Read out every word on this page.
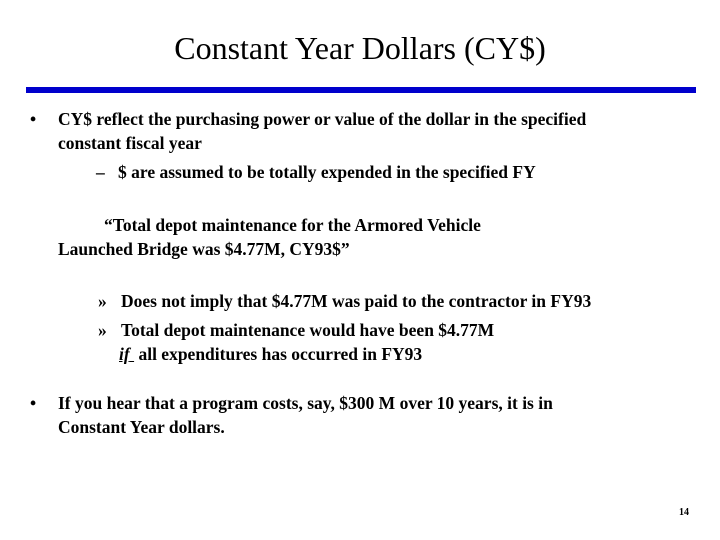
Constant Year Dollars (CY$)
• CY$ reflect the purchasing power or value of the dollar in the specified
constant fiscal year
– $ are assumed to be totally expended in the specified FY
“Total depot maintenance for the Armored Vehicle
Launched Bridge was $4.77M, CY93$”
» Does not imply that $4.77M was paid to the contractor in FY93
» Total depot maintenance would have been $4.77M
if  all expenditures has occurred in FY93
• If you hear that a program costs, say, $300 M over 10 years, it is in
Constant Year dollars.
14
